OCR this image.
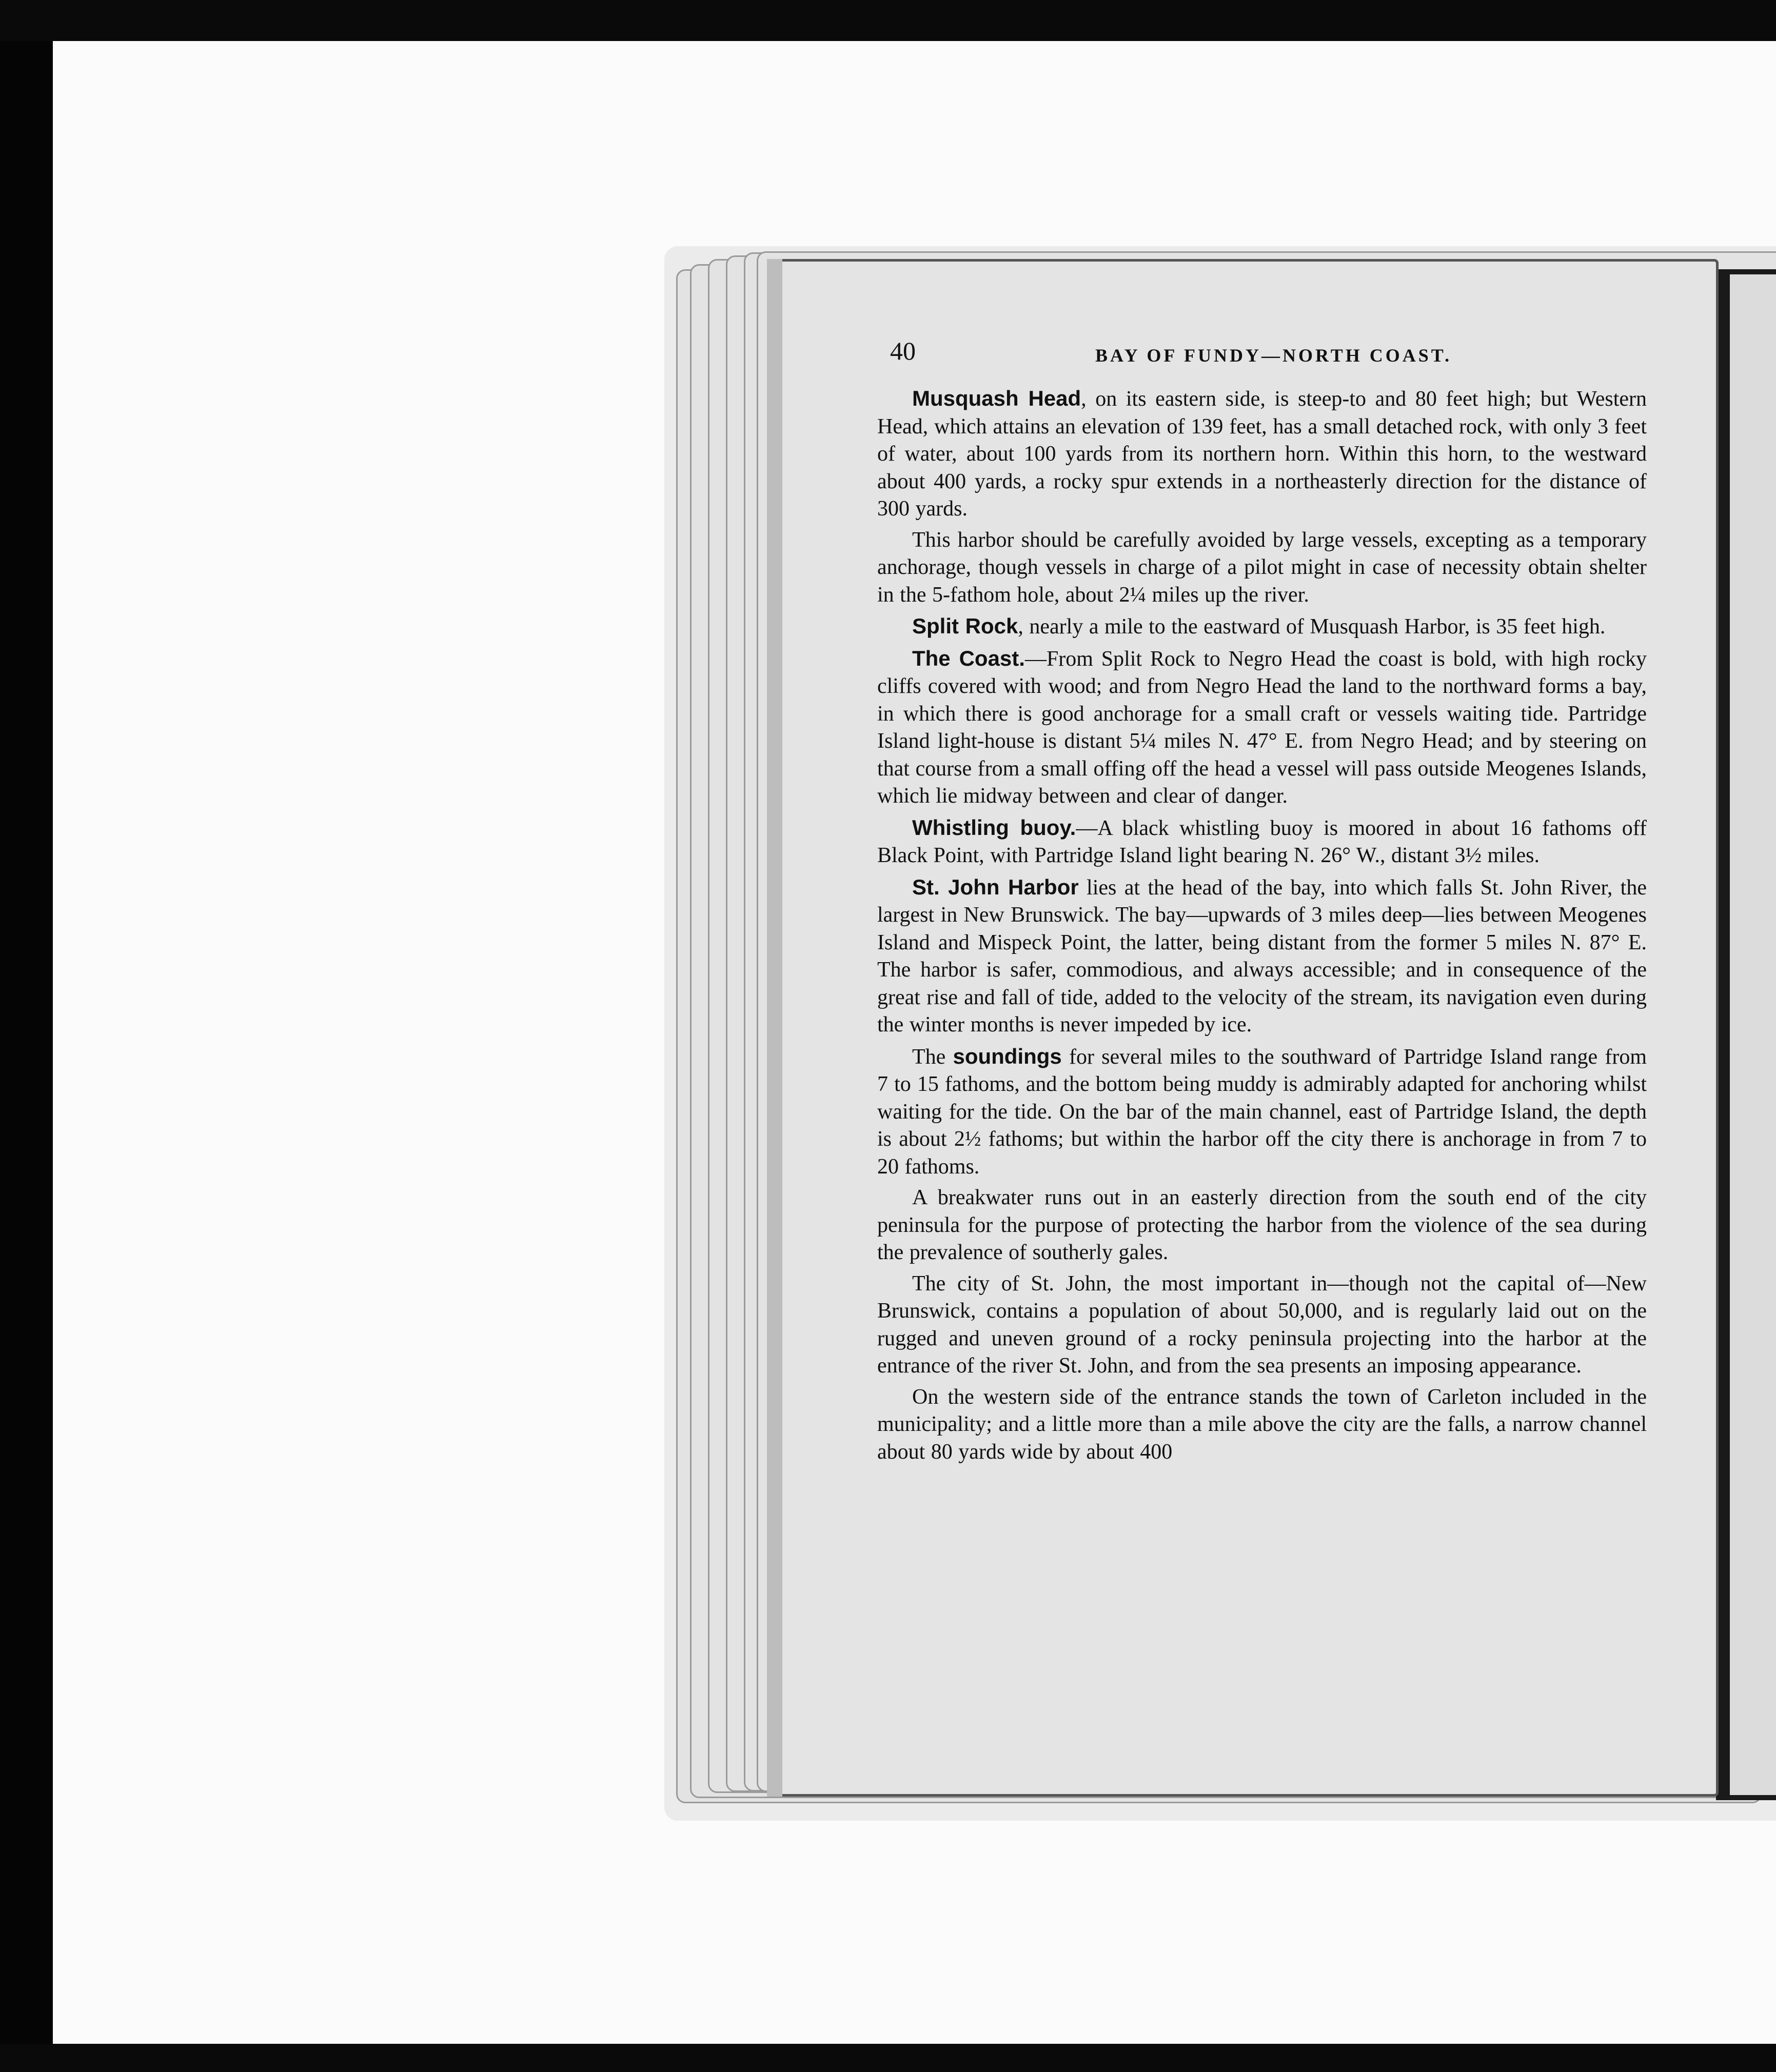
40	BAY OF FUNDY—NORTH COAST.

Musquash Head, on its eastern side, is steep-to and 80 feet high; but Western Head, which attains an elevation of 139 feet, has a small detached rock, with only 3 feet of water, about 100 yards from its northern horn. Within this horn, to the westward about 400 yards, a rocky spur extends in a northeasterly direction for the distance of 300 yards.

This harbor should be carefully avoided by large vessels, excepting as a temporary anchorage, though vessels in charge of a pilot might in case of necessity obtain shelter in the 5-fathom hole, about 2¼ miles up the river.

Split Rock, nearly a mile to the eastward of Musquash Harbor, is 35 feet high.

The Coast.—From Split Rock to Negro Head the coast is bold, with high rocky cliffs covered with wood; and from Negro Head the land to the northward forms a bay, in which there is good anchorage for a small craft or vessels waiting tide. Partridge Island light-house is distant 5¼ miles N. 47° E. from Negro Head; and by steering on that course from a small offing off the head a vessel will pass outside Meogenes Islands, which lie midway between and clear of danger.

Whistling buoy.—A black whistling buoy is moored in about 16 fathoms off Black Point, with Partridge Island light bearing N. 26° W., distant 3½ miles.

St. John Harbor lies at the head of the bay, into which falls St. John River, the largest in New Brunswick. The bay—upwards of 3 miles deep—lies between Meogenes Island and Mispeck Point, the latter, being distant from the former 5 miles N. 87° E. The harbor is safer, commodious, and always accessible; and in consequence of the great rise and fall of tide, added to the velocity of the stream, its navigation even during the winter months is never impeded by ice.

The soundings for several miles to the southward of Partridge Island range from 7 to 15 fathoms, and the bottom being muddy is admirably adapted for anchoring whilst waiting for the tide. On the bar of the main channel, east of Partridge Island, the depth is about 2½ fathoms; but within the harbor off the city there is anchorage in from 7 to 20 fathoms.

A breakwater runs out in an easterly direction from the south end of the city peninsula for the purpose of protecting the harbor from the violence of the sea during the prevalence of southerly gales.

The city of St. John, the most important in—though not the capital of—New Brunswick, contains a population of about 50,000, and is regularly laid out on the rugged and uneven ground of a rocky peninsula projecting into the harbor at the entrance of the river St. John, and from the sea presents an imposing appearance.

On the western side of the entrance stands the town of Carleton included in the municipality; and a little more than a mile above the city are the falls, a narrow channel about 80 yards wide by about 400
